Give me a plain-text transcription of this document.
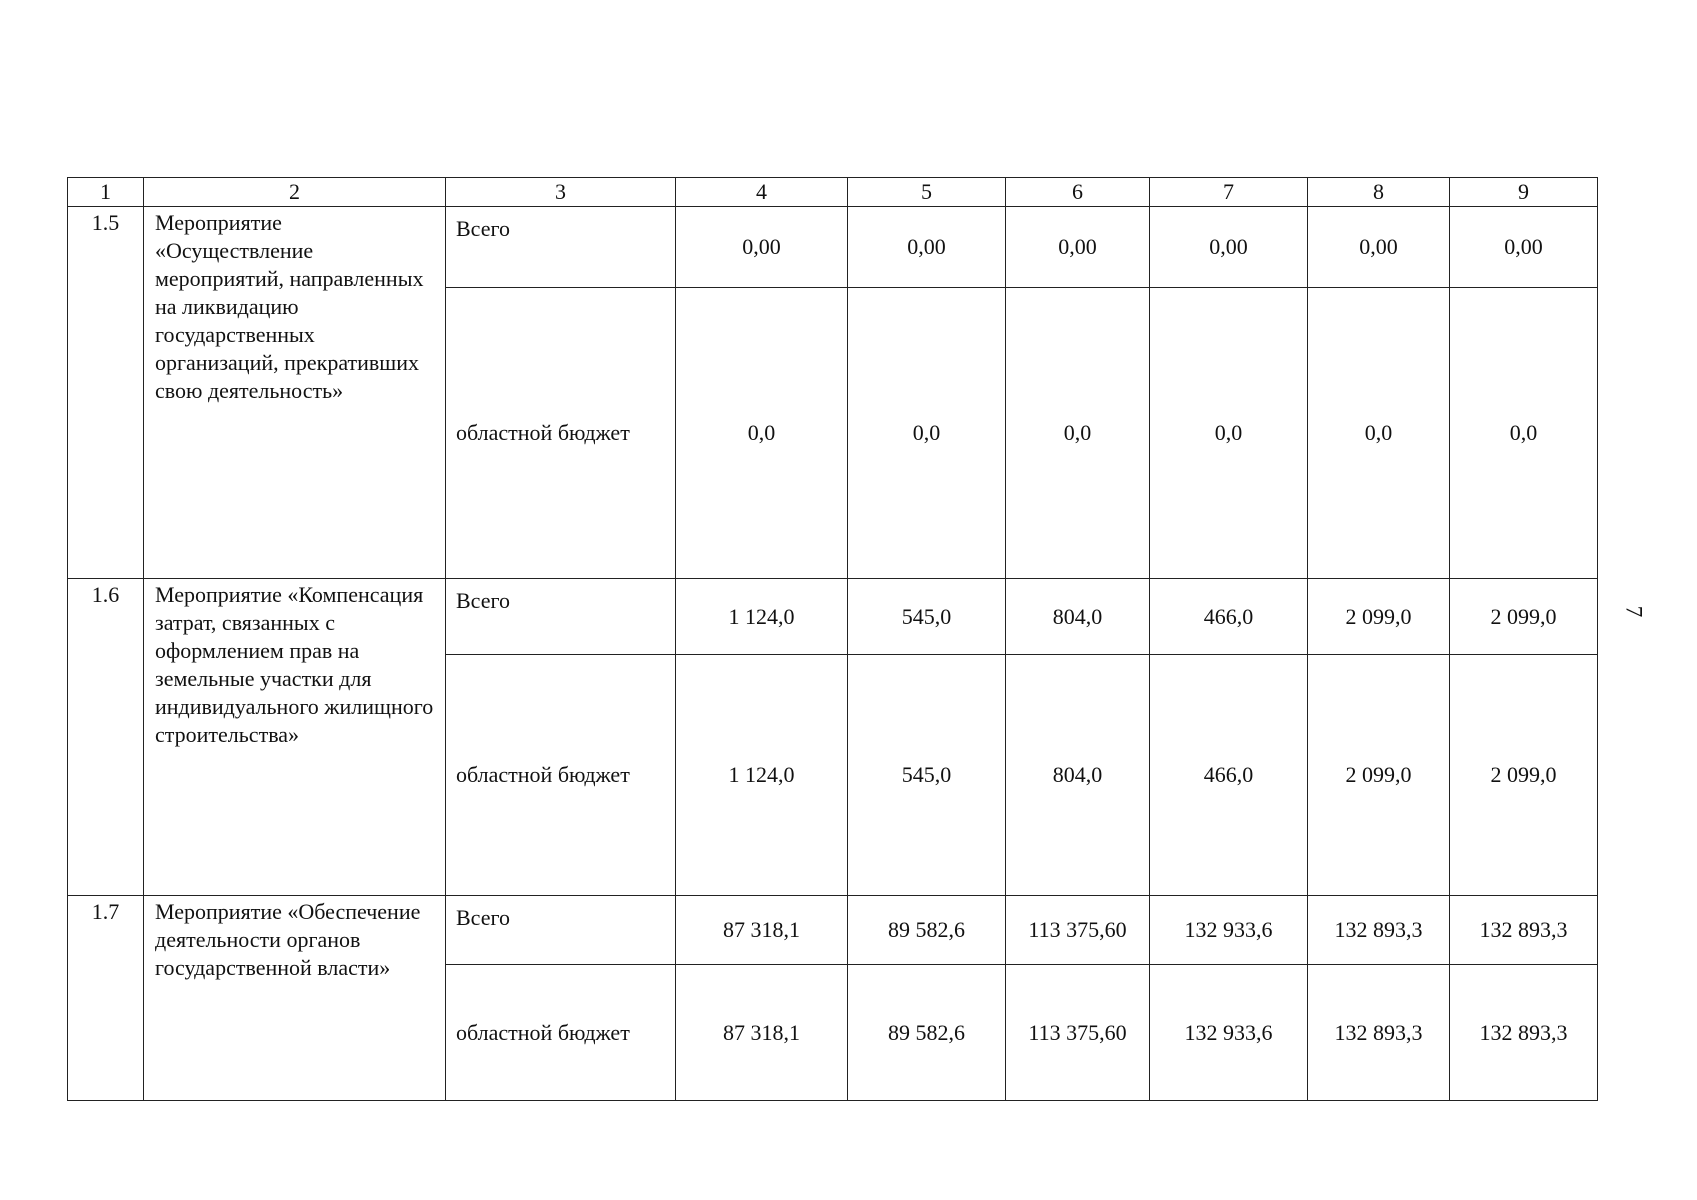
7
1	2	3	4	5	6	7	8	9
1.5	Мероприятие «Осуществление мероприятий, направленных на ликвидацию государственных организаций, прекративших свою деятельность»	Всего	0,00	0,00	0,00	0,00	0,00	0,00
		областной бюджет	0,0	0,0	0,0	0,0	0,0	0,0
1.6	Мероприятие «Компенсация затрат, связанных с оформлением прав на земельные участки для индивидуального жилищного строительства»	Всего	1 124,0	545,0	804,0	466,0	2 099,0	2 099,0
		областной бюджет	1 124,0	545,0	804,0	466,0	2 099,0	2 099,0
1.7	Мероприятие «Обеспечение деятельности органов государственной власти»	Всего	87 318,1	89 582,6	113 375,60	132 933,6	132 893,3	132 893,3
		областной бюджет	87 318,1	89 582,6	113 375,60	132 933,6	132 893,3	132 893,3
